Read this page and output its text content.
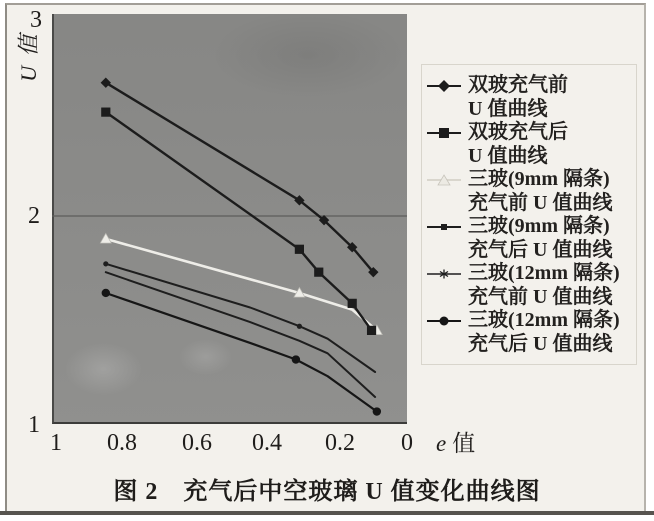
U 值
3
2
1
1	0.8 0.6 0.4 0.2	0	e 值
双玻充气前
U 值曲线
双玻充气后
U 值曲线
三玻(9mm 隔条)
充气前 U 值曲线
三玻(9mm 隔条)
充气后 U 值曲线
三玻(12mm 隔条)
充气前 U 值曲线
三玻(12mm 隔条)
充气后 U 值曲线
图 2　充气后中空玻璃 U 值变化曲线图
